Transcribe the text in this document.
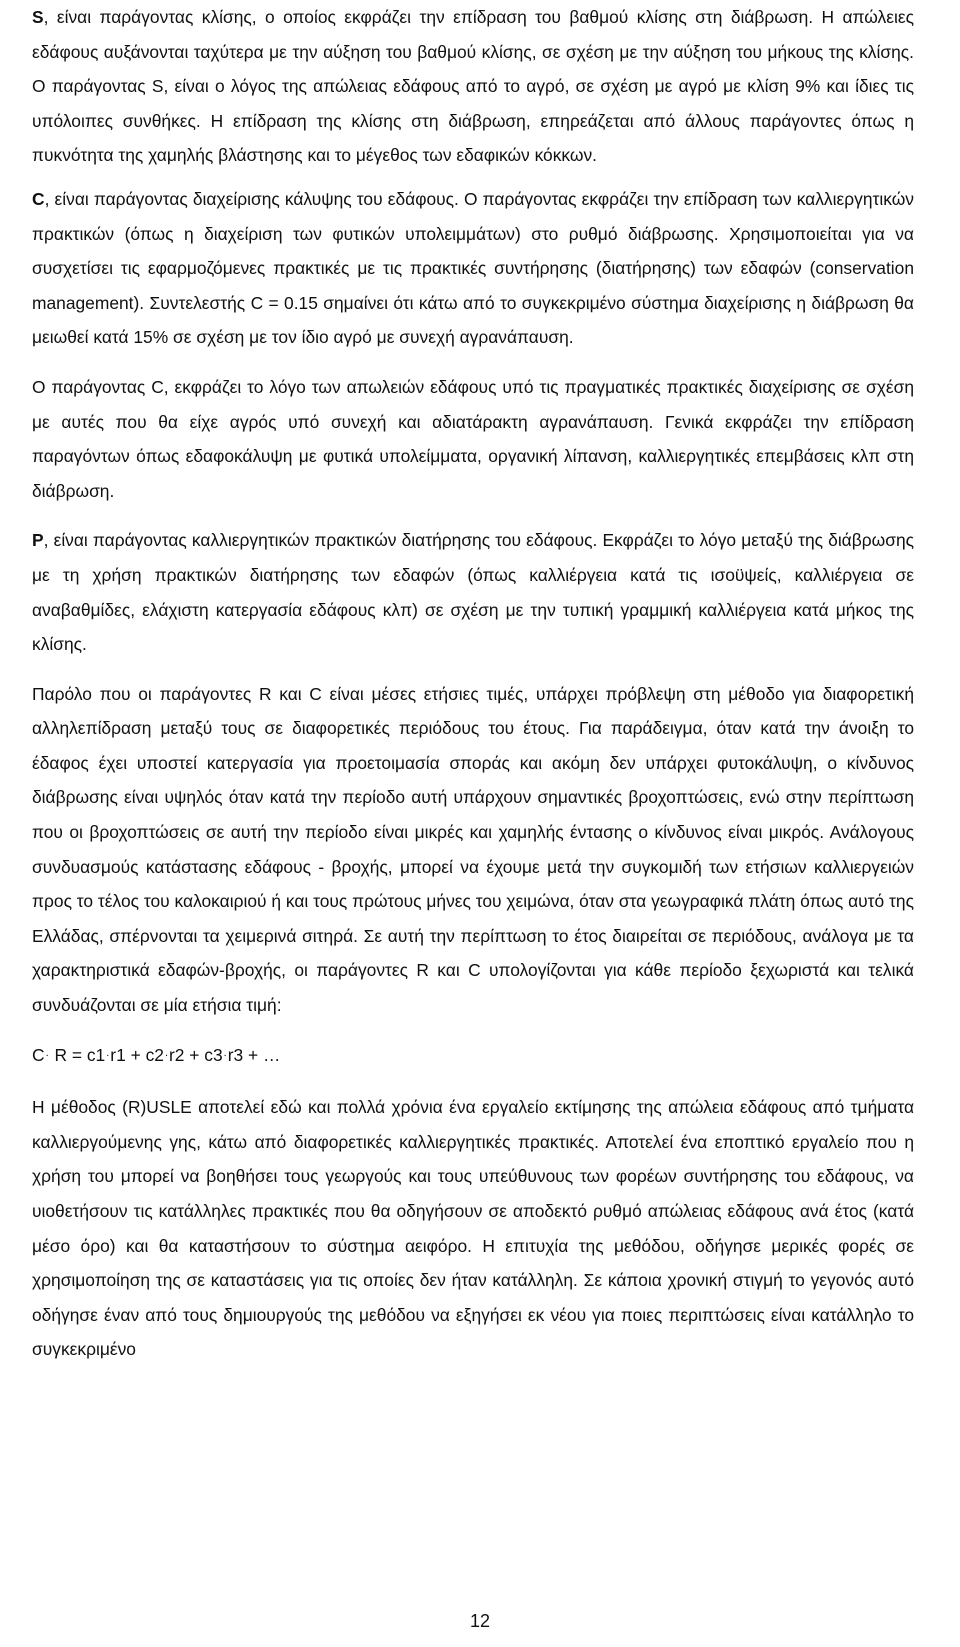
S, είναι παράγοντας κλίσης, ο οποίος εκφράζει την επίδραση του βαθμού κλίσης στη διάβρωση. Η απώλειες εδάφους αυξάνονται ταχύτερα με την αύξηση του βαθμού κλίσης, σε σχέση με την αύξηση του μήκους της κλίσης. Ο παράγοντας S, είναι ο λόγος της απώλειας εδάφους από το αγρό, σε σχέση με αγρό με κλίση 9% και ίδιες τις υπόλοιπες συνθήκες. Η επίδραση της κλίσης στη διάβρωση, επηρεάζεται από άλλους παράγοντες όπως η πυκνότητα της χαμηλής βλάστησης και το μέγεθος των εδαφικών κόκκων.

C, είναι παράγοντας διαχείρισης κάλυψης του εδάφους. Ο παράγοντας εκφράζει την επίδραση των καλλιεργητικών πρακτικών (όπως η διαχείριση των φυτικών υπολειμμάτων) στο ρυθμό διάβρωσης. Χρησιμοποιείται για να συσχετίσει τις εφαρμοζόμενες πρακτικές με τις πρακτικές συντήρησης (διατήρησης) των εδαφών (conservation management). Συντελεστής C = 0.15 σημαίνει ότι κάτω από το συγκεκριμένο σύστημα διαχείρισης η διάβρωση θα μειωθεί κατά 15% σε σχέση με τον ίδιο αγρό με συνεχή αγρανάπαυση.

Ο παράγοντας C, εκφράζει το λόγο των απωλειών εδάφους υπό τις πραγματικές πρακτικές διαχείρισης σε σχέση με αυτές που θα είχε αγρός υπό συνεχή και αδιατάρακτη αγρανάπαυση. Γενικά εκφράζει την επίδραση παραγόντων όπως εδαφοκάλυψη με φυτικά υπολείμματα, οργανική λίπανση, καλλιεργητικές επεμβάσεις κλπ στη διάβρωση.

P, είναι παράγοντας καλλιεργητικών πρακτικών διατήρησης του εδάφους. Εκφράζει το λόγο μεταξύ της διάβρωσης με τη χρήση πρακτικών διατήρησης των εδαφών (όπως καλλιέργεια κατά τις ισοϋψείς, καλλιέργεια σε αναβαθμίδες, ελάχιστη κατεργασία εδάφους κλπ) σε σχέση με την τυπική γραμμική καλλιέργεια κατά μήκος της κλίσης.

Παρόλο που οι παράγοντες R και C είναι μέσες ετήσιες τιμές, υπάρχει πρόβλεψη στη μέθοδο για διαφορετική αλληλεπίδραση μεταξύ τους σε διαφορετικές περιόδους του έτους. Για παράδειγμα, όταν κατά την άνοιξη το έδαφος έχει υποστεί κατεργασία για προετοιμασία σποράς και ακόμη δεν υπάρχει φυτοκάλυψη, ο κίνδυνος διάβρωσης είναι υψηλός όταν κατά την περίοδο αυτή υπάρχουν σημαντικές βροχοπτώσεις, ενώ στην περίπτωση που οι βροχοπτώσεις σε αυτή την περίοδο είναι μικρές και χαμηλής έντασης ο κίνδυνος είναι μικρός. Ανάλογους συνδυασμούς κατάστασης εδάφους - βροχής, μπορεί να έχουμε μετά την συγκομιδή των ετήσιων καλλιεργειών προς το τέλος του καλοκαιριού ή και τους πρώτους μήνες του χειμώνα, όταν στα γεωγραφικά πλάτη όπως αυτό της Ελλάδας, σπέρνονται τα χειμερινά σιτηρά. Σε αυτή την περίπτωση το έτος διαιρείται σε περιόδους, ανάλογα με τα χαρακτηριστικά εδαφών-βροχής, οι παράγοντες R και C υπολογίζονται για κάθε περίοδο ξεχωριστά και τελικά συνδυάζονται σε μία ετήσια τιμή:

C. R = c1.r1 + c2.r2 + c3.r3 + …

Η μέθοδος (R)USLE αποτελεί εδώ και πολλά χρόνια ένα εργαλείο εκτίμησης της απώλεια εδάφους από τμήματα καλλιεργούμενης γης, κάτω από διαφορετικές καλλιεργητικές πρακτικές. Αποτελεί ένα εποπτικό εργαλείο που η χρήση του μπορεί να βοηθήσει τους γεωργούς και τους υπεύθυνους των φορέων συντήρησης του εδάφους, να υιοθετήσουν τις κατάλληλες πρακτικές που θα οδηγήσουν σε αποδεκτό ρυθμό απώλειας εδάφους ανά έτος (κατά μέσο όρο) και θα καταστήσουν το σύστημα αειφόρο. Η επιτυχία της μεθόδου, οδήγησε μερικές φορές σε χρησιμοποίηση της σε καταστάσεις για τις οποίες δεν ήταν κατάλληλη. Σε κάποια χρονική στιγμή το γεγονός αυτό οδήγησε έναν από τους δημιουργούς της μεθόδου να εξηγήσει εκ νέου για ποιες περιπτώσεις είναι κατάλληλο το συγκεκριμένο

12
